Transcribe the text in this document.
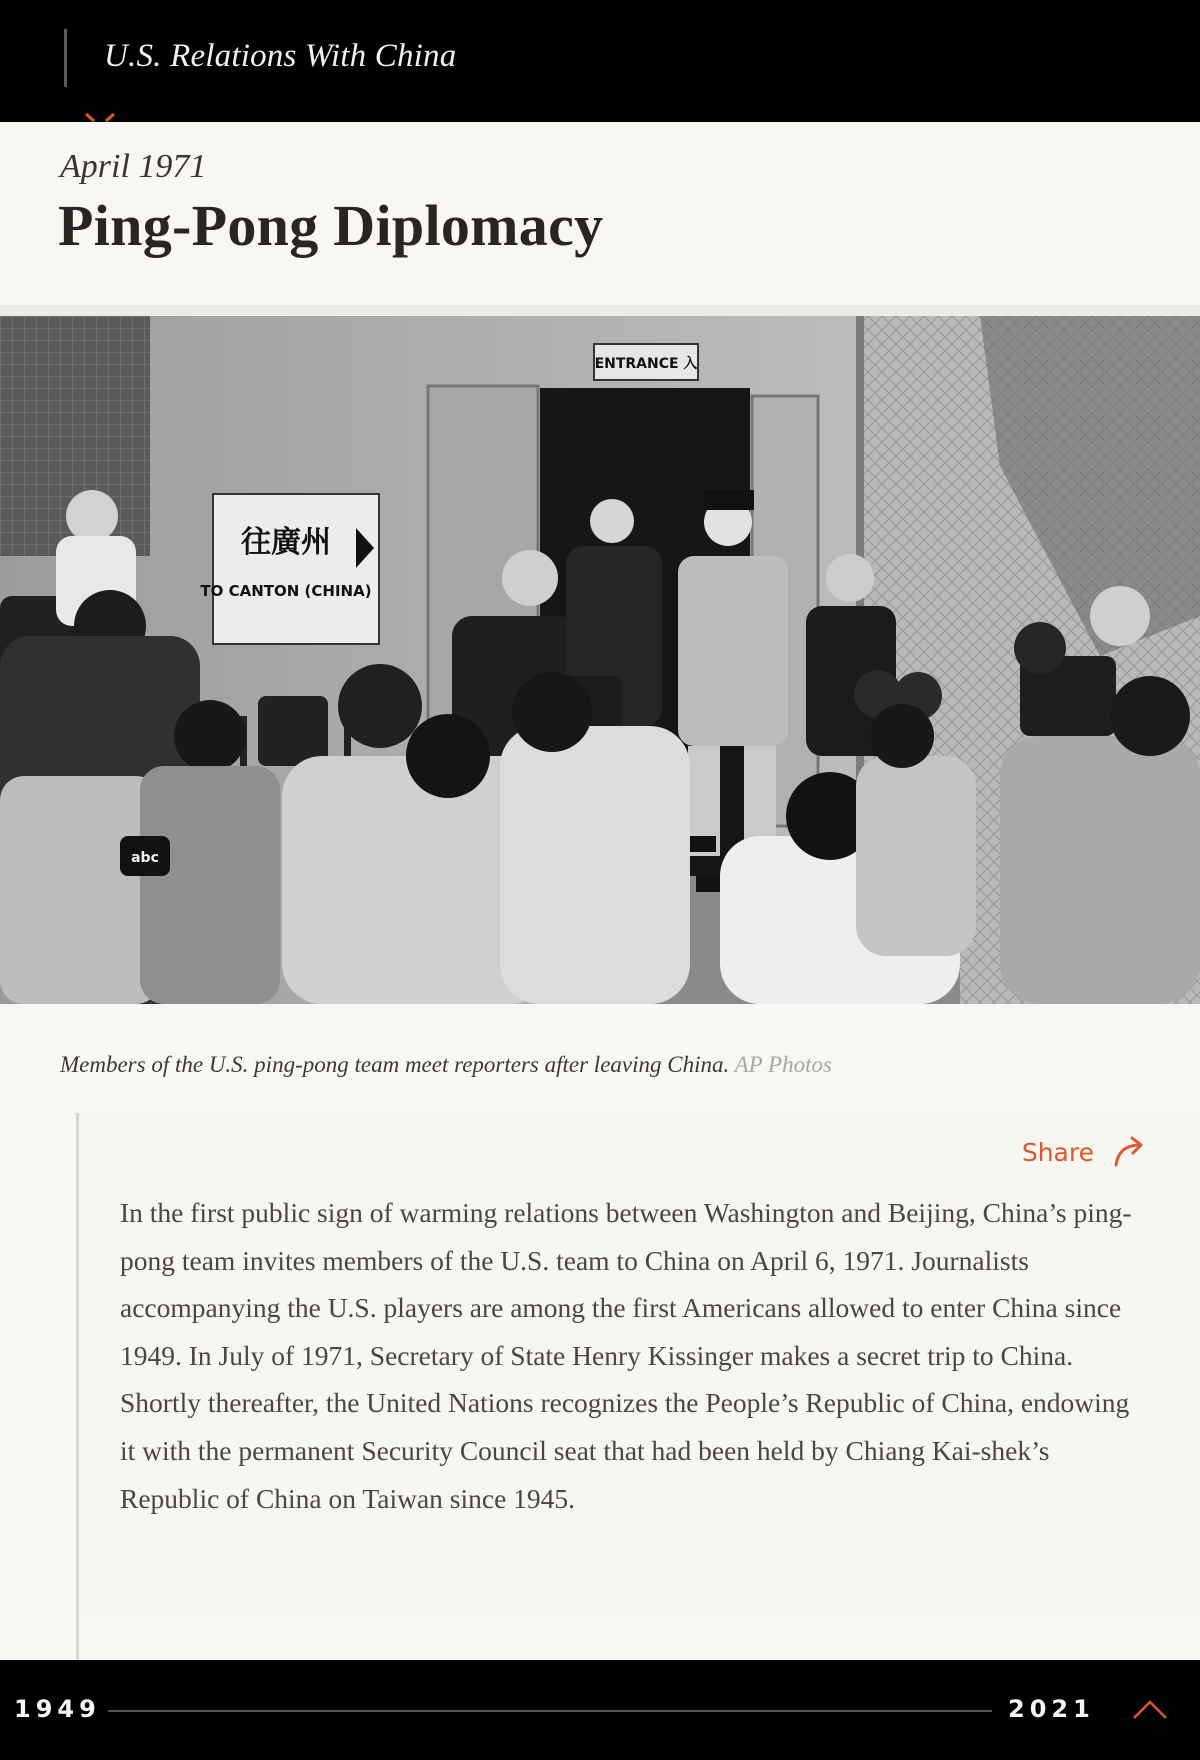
U.S. Relations With China
April 1971
Ping-Pong Diplomacy
ENTRANCE 入
往廣州
TO CANTON (CHINA)
abc

Members of the U.S. ping-pong team meet reporters after leaving China. AP Photos

Share

In the first public sign of warming relations between Washington and Beijing, China’s ping-pong team invites members of the U.S. team to China on April 6, 1971. Journalists accompanying the U.S. players are among the first Americans allowed to enter China since 1949. In July of 1971, Secretary of State Henry Kissinger makes a secret trip to China. Shortly thereafter, the United Nations recognizes the People’s Republic of China, endowing it with the permanent Security Council seat that had been held by Chiang Kai-shek’s Republic of China on Taiwan since 1945.

1949	2021
